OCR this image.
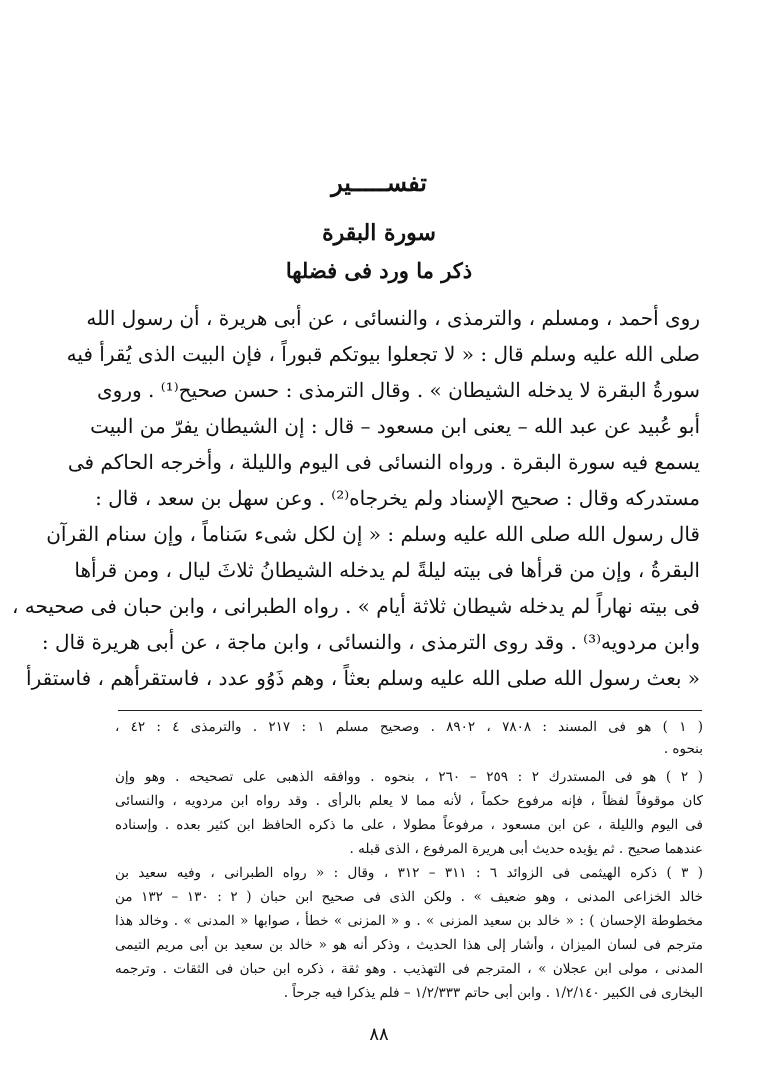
تفســـــير
سورة البقرة
ذكر ما ورد فى فضلها
روى أحمد ، ومسلم ، والترمذى ، والنسائى ، عن أبى هريرة ، أن رسول الله
صلى الله عليه وسلم قال : « لا تجعلوا بيوتكم قبوراً ، فإن البيت الذى يُقرأ فيه
سورةُ البقرة لا يدخله الشيطان » . وقال الترمذى : حسن صحيح⁽¹⁾ . وروى
أبو عُبيد عن عبد الله – يعنى ابن مسعود – قال : إن الشيطان يفرّ من البيت
يسمع فيه سورة البقرة . ورواه النسائى فى اليوم والليلة ، وأخرجه الحاكم فى
مستدركه وقال : صحيح الإسناد ولم يخرجاه⁽²⁾ . وعن سهل بن سعد ، قال :
قال رسول الله صلى الله عليه وسلم : « إن لكل شىء سَناماً ، وإن سنام القرآن
البقرةُ ، وإن من قرأها فى بيته ليلةً لم يدخله الشيطانُ ثلاثَ ليال ، ومن قرأها
فى بيته نهاراً لم يدخله شيطان ثلاثة أيام » . رواه الطبرانى ، وابن حبان فى صحيحه ،
وابن مردويه⁽³⁾ . وقد روى الترمذى ، والنسائى ، وابن ماجة ، عن أبى هريرة قال :
« بعث رسول الله صلى الله عليه وسلم بعثاً ، وهم ذَوُو عدد ، فاستقرأهم ، فاستقرأ
( ١ ) هو فى المسند : ٧٨٠٨ ، ٨٩٠٢ . وصحيح مسلم ١ : ٢١٧ . والترمذى ٤ : ٤٢ ،
بنحوه .
( ٢ ) هو فى المستدرك ٢ : ٢٥٩ – ٢٦٠ ، بنحوه . ووافقه الذهبى على تصحيحه . وهو وإن
كان موقوفاً لفظاً ، فإنه مرفوع حكماً ، لأنه مما لا يعلم بالرأى . وقد رواه ابن مردويه ، والنسائى
فى اليوم والليلة ، عن ابن مسعود ، مرفوعاً مطولا ، على ما ذكره الحافظ ابن كثير بعده . وإسناده
عندهما صحيح . ثم يؤيده حديث أبى هريرة المرفوع ، الذى قبله .
( ٣ ) ذكره الهيثمى فى الزوائد ٦ : ٣١١ – ٣١٢ ، وقال : « رواه الطبرانى ، وفيه سعيد بن
خالد الخزاعى المدنى ، وهو ضعيف » . ولكن الذى فى صحيح ابن حبان ( ٢ : ١٣٠ – ١٣٢ من
مخطوطة الإحسان ) : « خالد بن سعيد المزنى » . و « المزنى » خطأ ، صوابها « المدنى » . وخالد هذا
مترجم فى لسان الميزان ، وأشار إلى هذا الحديث ، وذكر أنه هو « خالد بن سعيد بن أبى مريم التيمى
المدنى ، مولى ابن عجلان » ، المترجم فى التهذيب . وهو ثقة ، ذكره ابن حبان فى الثقات . وترجمه
البخارى فى الكبير ١/٢/١٤٠ . وابن أبى حاتم ١/٢/٣٣٣ – فلم يذكرا فيه جرحاً .
٨٨
